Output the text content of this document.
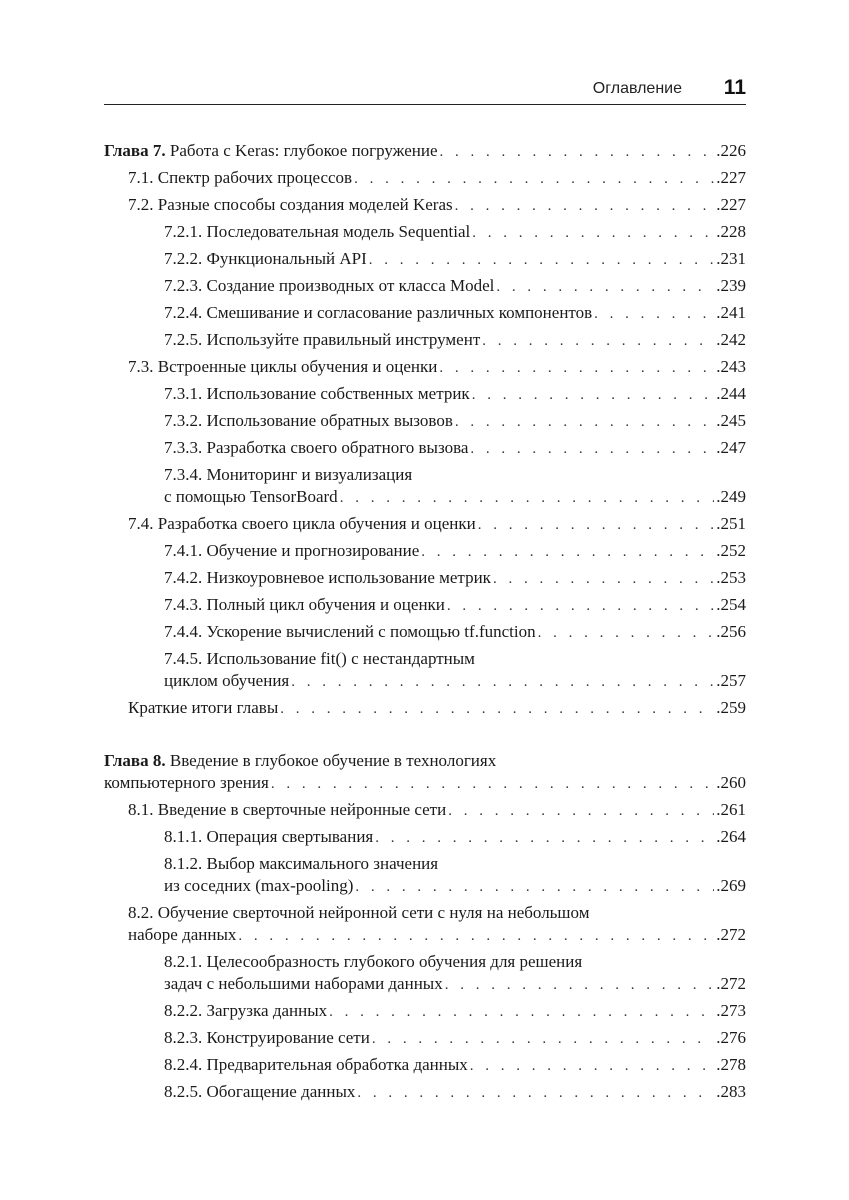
Оглавление 11
Глава 7. Работа с Keras: глубокое погружение . . .	.226
7.1. Спектр рабочих процессов . . .	.227
7.2. Разные способы создания моделей Keras . . .	.227
7.2.1. Последовательная модель Sequential . . .	.228
7.2.2. Функциональный API . . .	.231
7.2.3. Создание производных от класса Model . . .	.239
7.2.4. Смешивание и согласование различных компонентов . . .	.241
7.2.5. Используйте правильный инструмент . . .	.242
7.3. Встроенные циклы обучения и оценки . . .	.243
7.3.1. Использование собственных метрик . . .	.244
7.3.2. Использование обратных вызовов . . .	.245
7.3.3. Разработка своего обратного вызова . . .	.247
7.3.4. Мониторинг и визуализация
с помощью TensorBoard . . .	.249
7.4. Разработка своего цикла обучения и оценки . . .	.251
7.4.1. Обучение и прогнозирование . . .	.252
7.4.2. Низкоуровневое использование метрик . . .	.253
7.4.3. Полный цикл обучения и оценки . . .	.254
7.4.4. Ускорение вычислений с помощью tf.function . . .	.256
7.4.5. Использование fit() с нестандартным
циклом обучения . . .	.257
Краткие итоги главы . . .	.259
Глава 8. Введение в глубокое обучение в технологиях
компьютерного зрения . . .	.260
8.1. Введение в сверточные нейронные сети . . .	.261
8.1.1. Операция свертывания . . .	.264
8.1.2. Выбор максимального значения
из соседних (max-pooling) . . .	.269
8.2. Обучение сверточной нейронной сети с нуля на небольшом
наборе данных . . .	.272
8.2.1. Целесообразность глубокого обучения для решения
задач с небольшими наборами данных . . .	.272
8.2.2. Загрузка данных . . .	.273
8.2.3. Конструирование сети . . .	.276
8.2.4. Предварительная обработка данных . . .	.278
8.2.5. Обогащение данных . . .	.283
